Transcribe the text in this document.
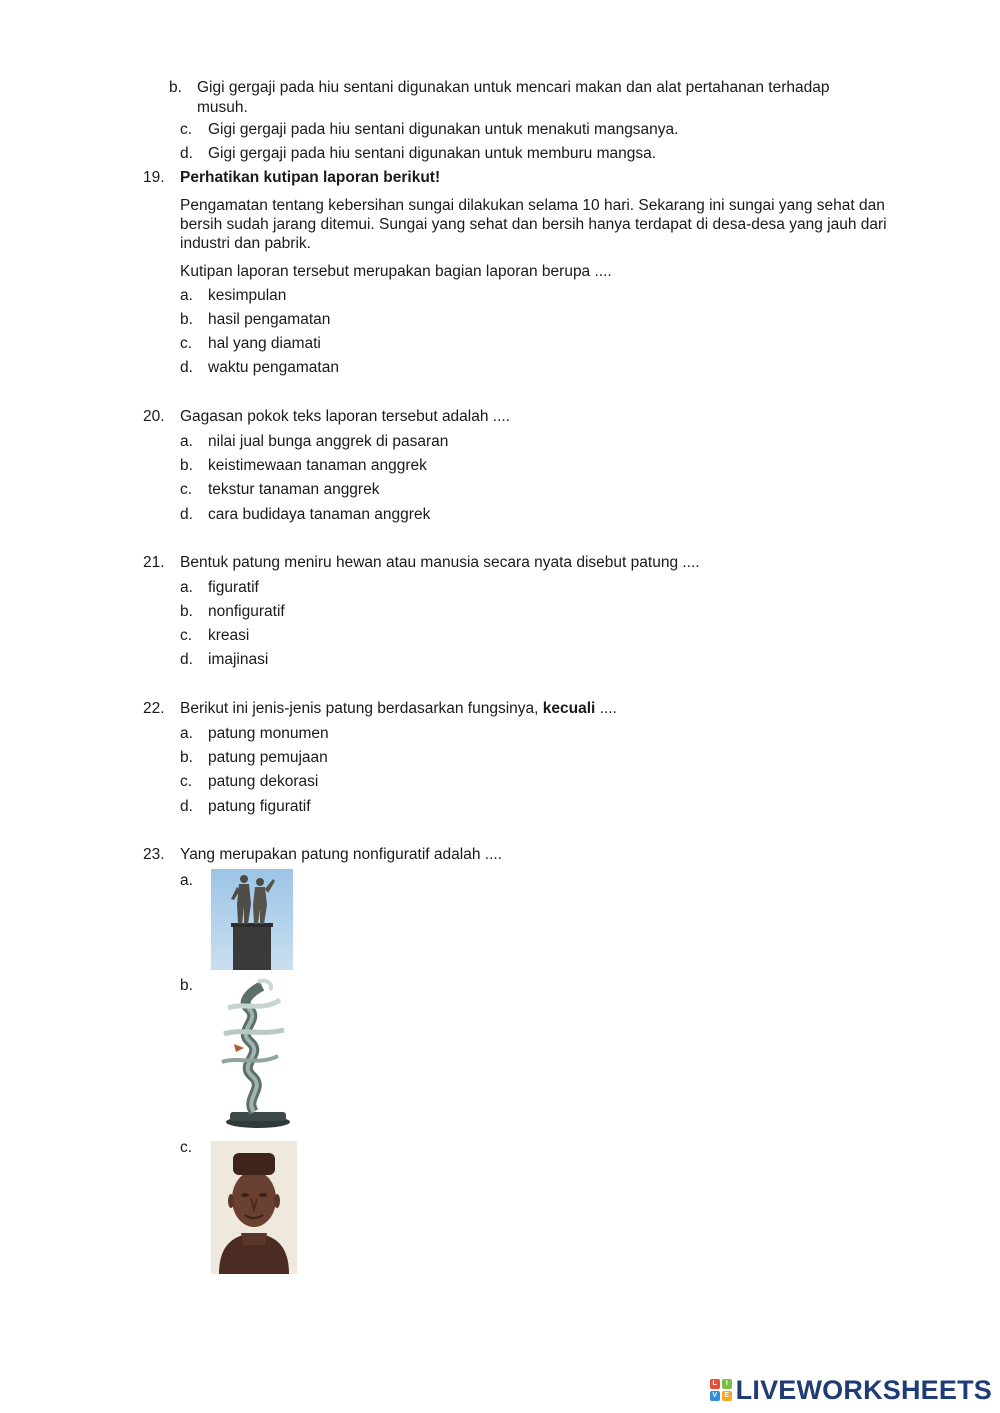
b. Gigi gergaji pada hiu sentani digunakan untuk mencari makan dan alat pertahanan terhadap
musuh.
c. Gigi gergaji pada hiu sentani digunakan untuk menakuti mangsanya.
d. Gigi gergaji pada hiu sentani digunakan untuk memburu mangsa.
19. Perhatikan kutipan laporan berikut!
Pengamatan tentang kebersihan sungai dilakukan selama 10 hari. Sekarang ini sungai yang sehat dan
bersih sudah jarang ditemui. Sungai yang sehat dan bersih hanya terdapat di desa-desa yang jauh dari
industri dan pabrik.
Kutipan laporan tersebut merupakan bagian laporan berupa ....
a. kesimpulan
b. hasil pengamatan
c. hal yang diamati
d. waktu pengamatan
20. Gagasan pokok teks laporan tersebut adalah ....
a. nilai jual bunga anggrek di pasaran
b. keistimewaan tanaman anggrek
c. tekstur tanaman anggrek
d. cara budidaya tanaman anggrek
21. Bentuk patung meniru hewan atau manusia secara nyata disebut patung ....
a. figuratif
b. nonfiguratif
c. kreasi
d. imajinasi
22. Berikut ini jenis-jenis patung berdasarkan fungsinya, kecuali ....
a. patung monumen
b. patung pemujaan
c. patung dekorasi
d. patung figuratif
23. Yang merupakan patung nonfiguratif adalah ....
a.
b.
c.
L	I
V	E LIVEWORKSHEETS
